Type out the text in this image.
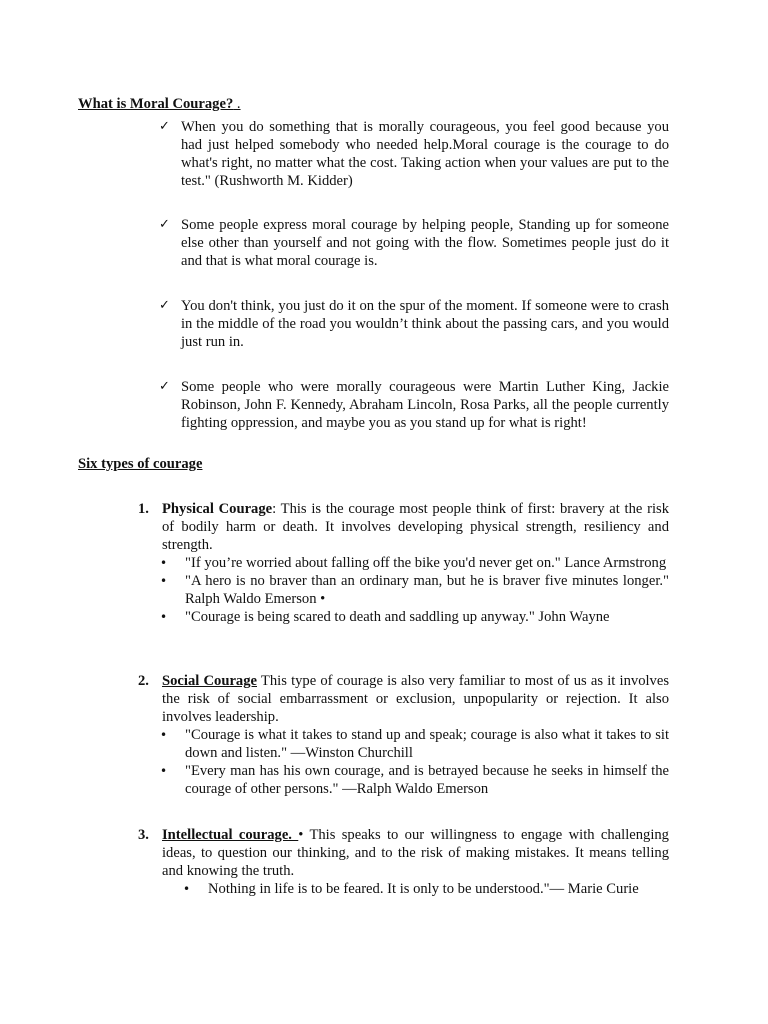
What is Moral Courage? .
✓ When you do something that is morally courageous, you feel good because you had just helped somebody who needed help.Moral courage is the courage to do what's right, no matter what the cost. Taking action when your values are put to the test." (Rushworth M. Kidder)
✓ Some people express moral courage by helping people, Standing up for someone else other than yourself and not going with the flow. Sometimes people just do it and that is what moral courage is.
✓ You don't think, you just do it on the spur of the moment. If someone were to crash in the middle of the road you wouldn’t think about the passing cars, and you would just run in.
✓ Some people who were morally courageous were Martin Luther King, Jackie Robinson, John F. Kennedy, Abraham Lincoln, Rosa Parks, all the people currently fighting oppression, and maybe you as you stand up for what is right!
Six types of courage
1. Physical Courage: This is the courage most people think of first: bravery at the risk of bodily harm or death. It involves developing physical strength, resiliency and strength.
• "If you’re worried about falling off the bike you'd never get on." Lance Armstrong
• "A hero is no braver than an ordinary man, but he is braver five minutes longer." Ralph Waldo Emerson •
• "Courage is being scared to death and saddling up anyway." John Wayne
2. Social Courage This type of courage is also very familiar to most of us as it involves the risk of social embarrassment or exclusion, unpopularity or rejection. It also involves leadership.
• "Courage is what it takes to stand up and speak; courage is also what it takes to sit down and listen." —Winston Churchill
• "Every man has his own courage, and is betrayed because he seeks in himself the courage of other persons." —Ralph Waldo Emerson
3. Intellectual courage. • This speaks to our willingness to engage with challenging ideas, to question our thinking, and to the risk of making mistakes. It means telling and knowing the truth.
• Nothing in life is to be feared. It is only to be understood."— Marie Curie
